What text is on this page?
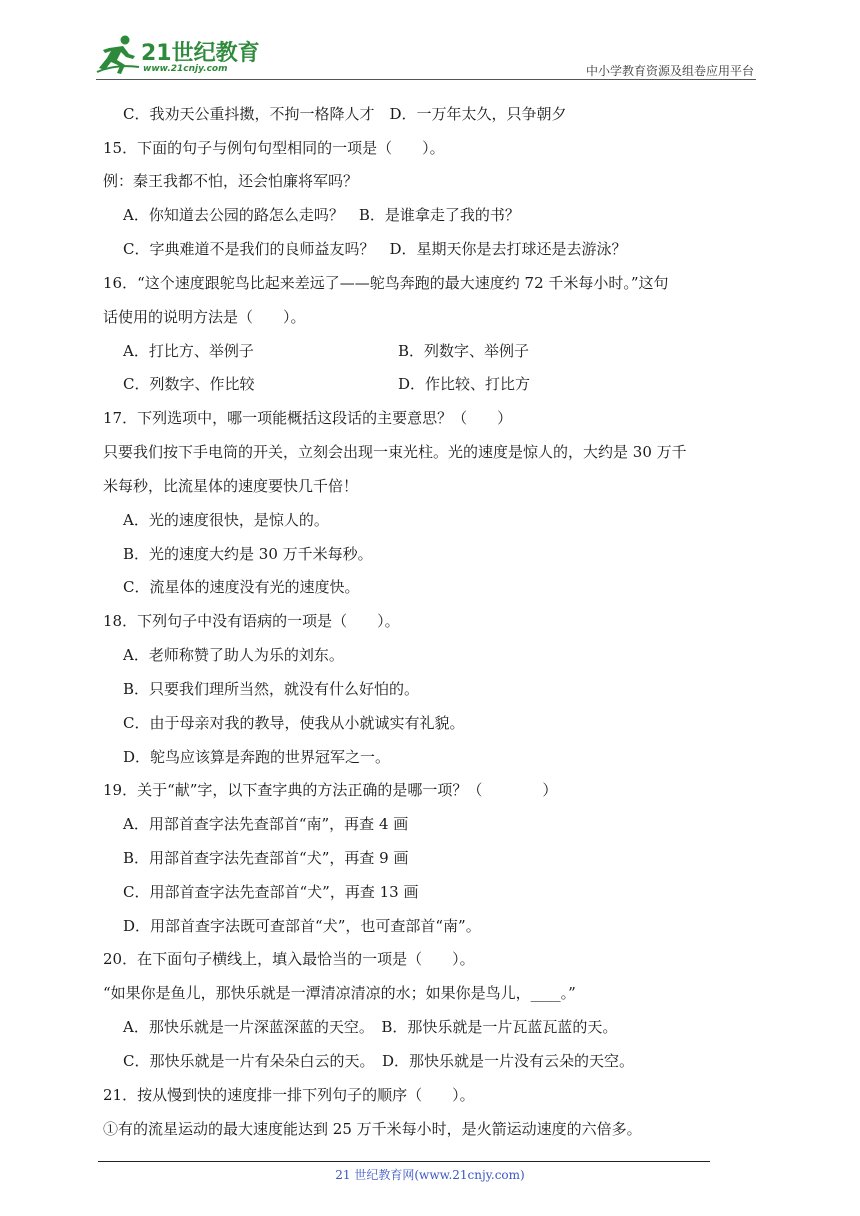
21世纪教育
www.21cnjy.com	中小学教育资源及组卷应用平台
C．我劝天公重抖擞，不拘一格降人才　D．一万年太久，只争朝夕
15．下面的句子与例句句型相同的一项是（　　）。
例：秦王我都不怕，还会怕廉将军吗？
A．你知道去公园的路怎么走吗？　B．是谁拿走了我的书？
C．字典难道不是我们的良师益友吗？　D．星期天你是去打球还是去游泳？
16．“这个速度跟鸵鸟比起来差远了——鸵鸟奔跑的最大速度约 72 千米每小时。”这句
话使用的说明方法是（　　）。
A．打比方、举例子	B．列数字、举例子
C．列数字、作比较	D．作比较、打比方
17．下列选项中，哪一项能概括这段话的主要意思？（　　）
只要我们按下手电筒的开关，立刻会出现一束光柱。光的速度是惊人的，大约是 30 万千
米每秒，比流星体的速度要快几千倍！
A．光的速度很快，是惊人的。
B．光的速度大约是 30 万千米每秒。
C．流星体的速度没有光的速度快。
18．下列句子中没有语病的一项是（　　）。
A．老师称赞了助人为乐的刘东。
B．只要我们理所当然，就没有什么好怕的。
C．由于母亲对我的教导，使我从小就诚实有礼貌。
D．鸵鸟应该算是奔跑的世界冠军之一。
19．关于“献”字，以下查字典的方法正确的是哪一项？（　　　　）
A．用部首查字法先查部首“南”，再查 4 画
B．用部首查字法先查部首“犬”，再查 9 画
C．用部首查字法先查部首“犬”，再查 13 画
D．用部首查字法既可查部首“犬”，也可查部首“南”。
20．在下面句子横线上，填入最恰当的一项是（　　）。
“如果你是鱼儿，那快乐就是一潭清凉清凉的水；如果你是鸟儿，____。”
A．那快乐就是一片深蓝深蓝的天空。　B．那快乐就是一片瓦蓝瓦蓝的天。
C．那快乐就是一片有朵朵白云的天。　D．那快乐就是一片没有云朵的天空。
21．按从慢到快的速度排一排下列句子的顺序（　　）。
①有的流星运动的最大速度能达到 25 万千米每小时，是火箭运动速度的六倍多。
21 世纪教育网(www.21cnjy.com)
